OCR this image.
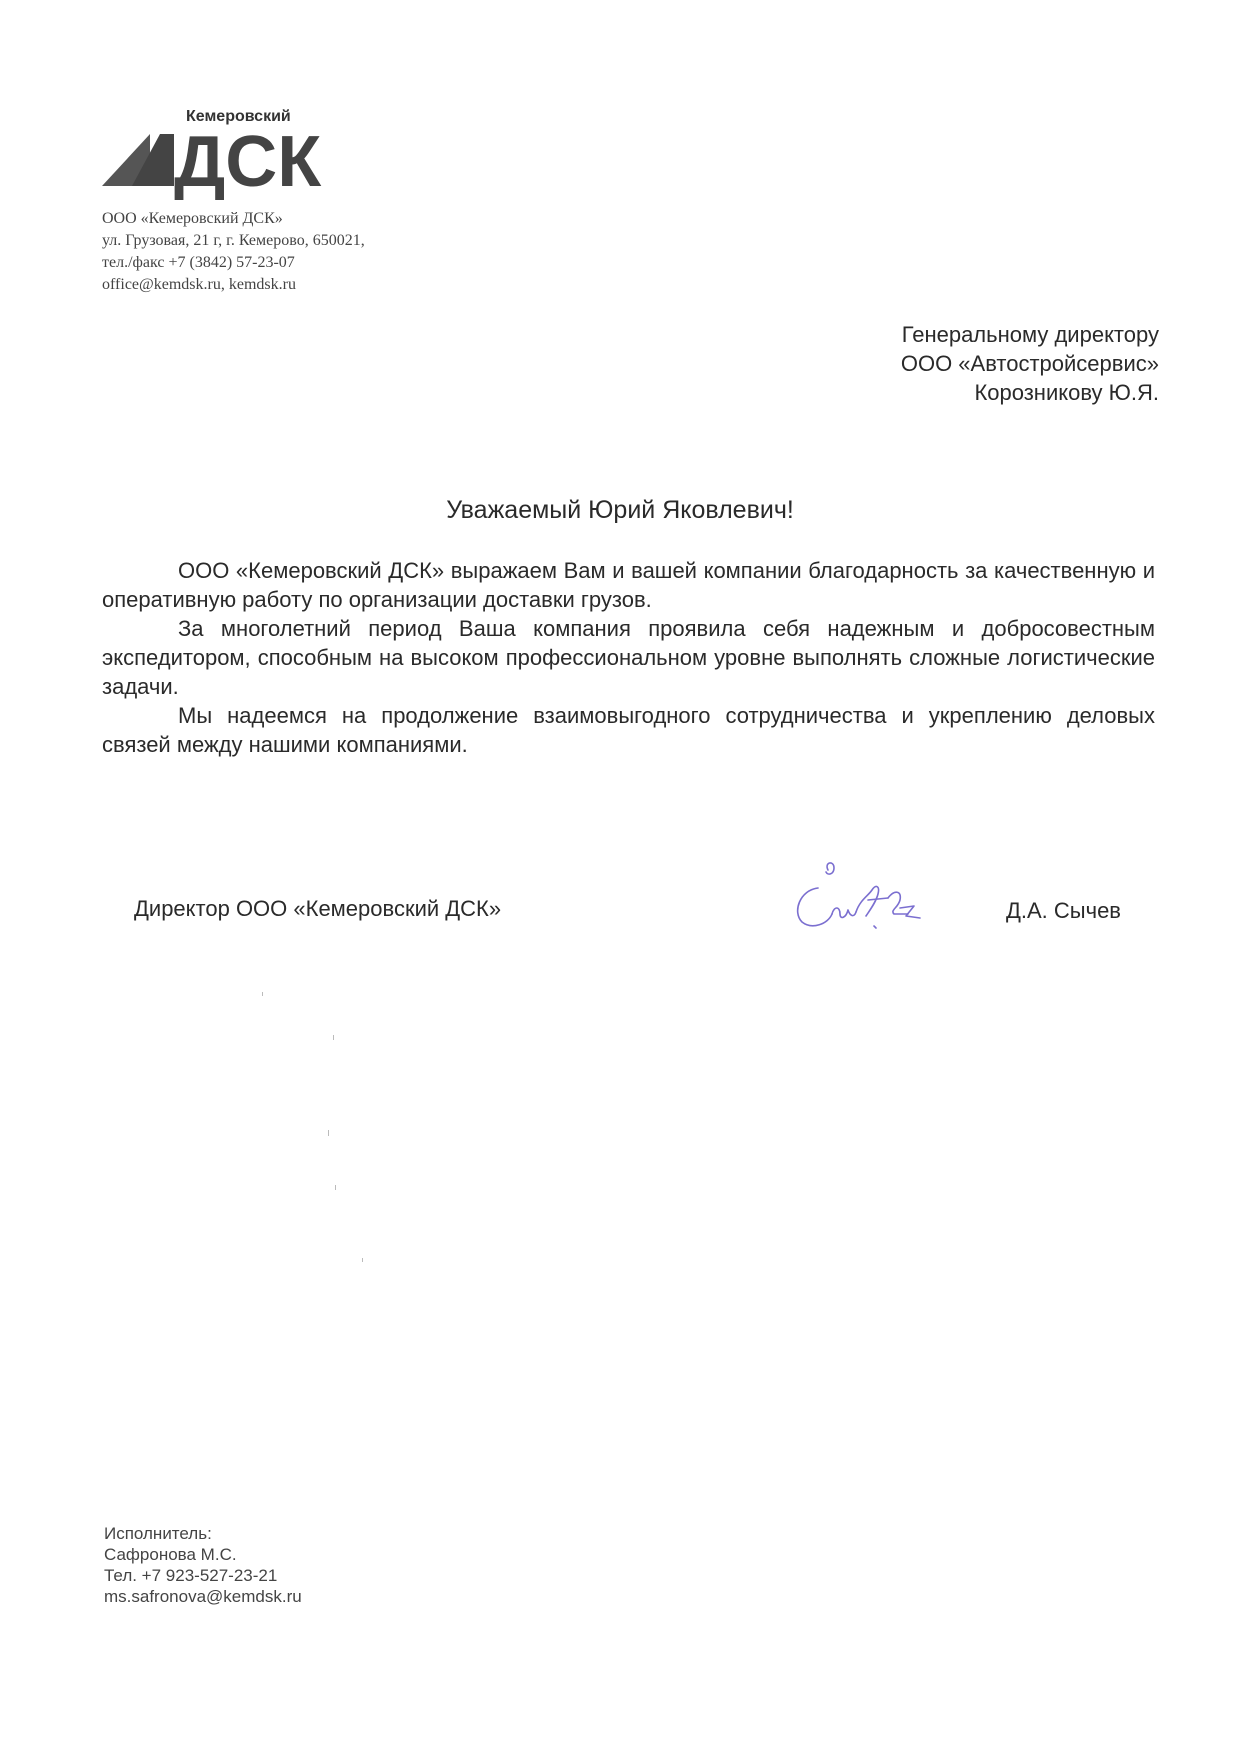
Кемеровский
ДСК
ООО «Кемеровский ДСК»
ул. Грузовая, 21 г, г. Кемерово, 650021,
тел./факс +7 (3842) 57-23-07
office@kemdsk.ru, kemdsk.ru
Генеральному директору
ООО «Автостройсервис»
Корозникову Ю.Я.
Уважаемый Юрий Яковлевич!

ООО «Кемеровский ДСК» выражаем Вам и вашей компании благодарность за качественную и оперативную работу по организации доставки грузов.

За многолетний период Ваша компания проявила себя надежным и добросовестным экспедитором, способным на высоком профессиональном уровне выполнять сложные логистические задачи.

Мы надеемся на продолжение взаимовыгодного сотрудничества и укреплению деловых связей между нашими компаниями.

Директор ООО «Кемеровский ДСК»	Д.А. Сычев
Исполнитель:
Сафронова М.С.
Тел. +7 923-527-23-21
ms.safronova@kemdsk.ru
